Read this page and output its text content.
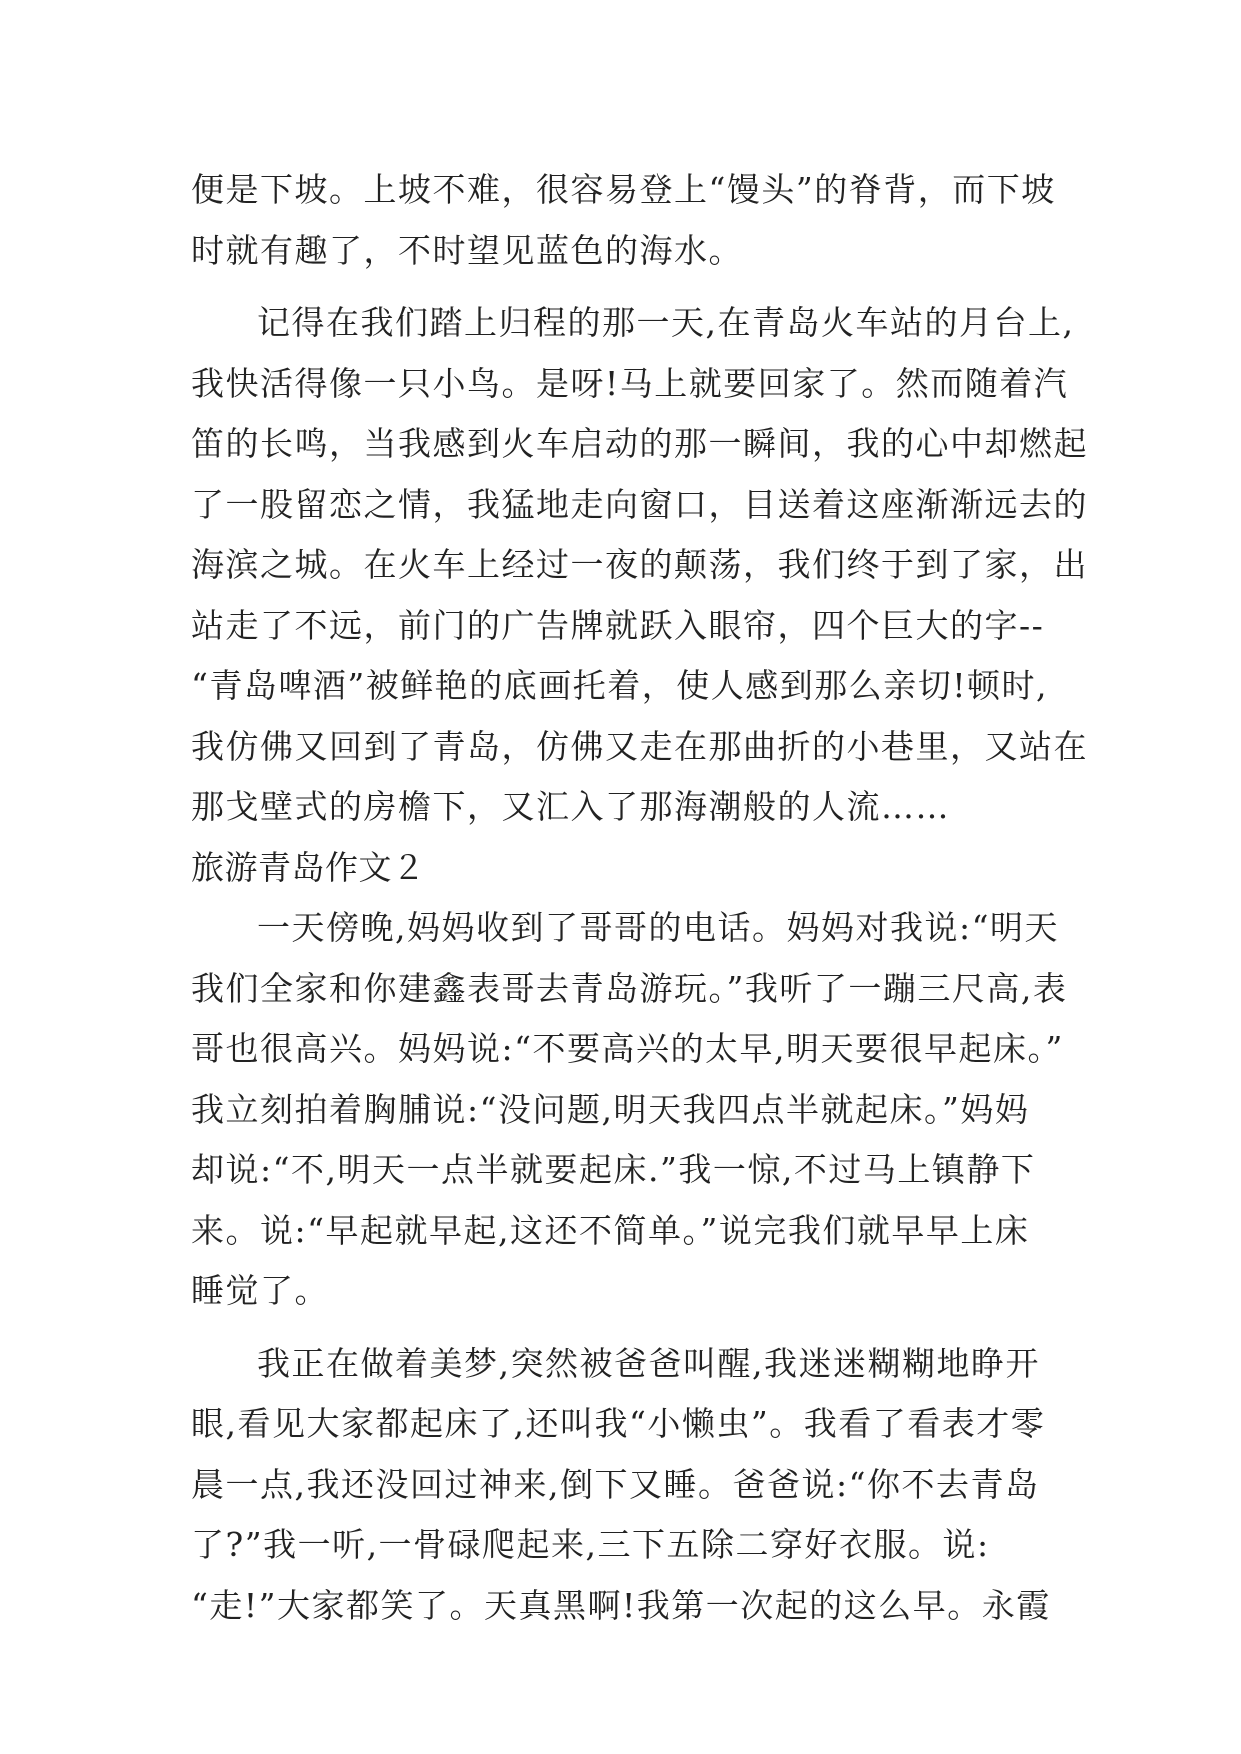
便是下坡。上坡不难，很容易登上“馒头”的脊背，而下坡
时就有趣了，不时望见蓝色的海水。
记得在我们踏上归程的那一天,在青岛火车站的月台上,
我快活得像一只小鸟。是呀!马上就要回家了。然而随着汽
笛的长鸣，当我感到火车启动的那一瞬间，我的心中却燃起
了一股留恋之情，我猛地走向窗口，目送着这座渐渐远去的
海滨之城。在火车上经过一夜的颠荡，我们终于到了家，出
站走了不远，前门的广告牌就跃入眼帘，四个巨大的字--
“青岛啤酒”被鲜艳的底画托着，使人感到那么亲切!顿时,
我仿佛又回到了青岛，仿佛又走在那曲折的小巷里，又站在
那戈壁式的房檐下，又汇入了那海潮般的人流……
旅游青岛作文２
一天傍晚,妈妈收到了哥哥的电话。妈妈对我说:“明天
我们全家和你建鑫表哥去青岛游玩。”我听了一蹦三尺高,表
哥也很高兴。妈妈说:“不要高兴的太早,明天要很早起床。”
我立刻拍着胸脯说:“没问题,明天我四点半就起床。”妈妈
却说:“不,明天一点半就要起床.”我一惊,不过马上镇静下
来。说:“早起就早起,这还不简单。”说完我们就早早上床
睡觉了。
我正在做着美梦,突然被爸爸叫醒,我迷迷糊糊地睁开
眼,看见大家都起床了,还叫我“小懒虫”。我看了看表才零
晨一点,我还没回过神来,倒下又睡。爸爸说:“你不去青岛
了?”我一听,一骨碌爬起来,三下五除二穿好衣服。说:
“走!”大家都笑了。天真黑啊!我第一次起的这么早。永霞
